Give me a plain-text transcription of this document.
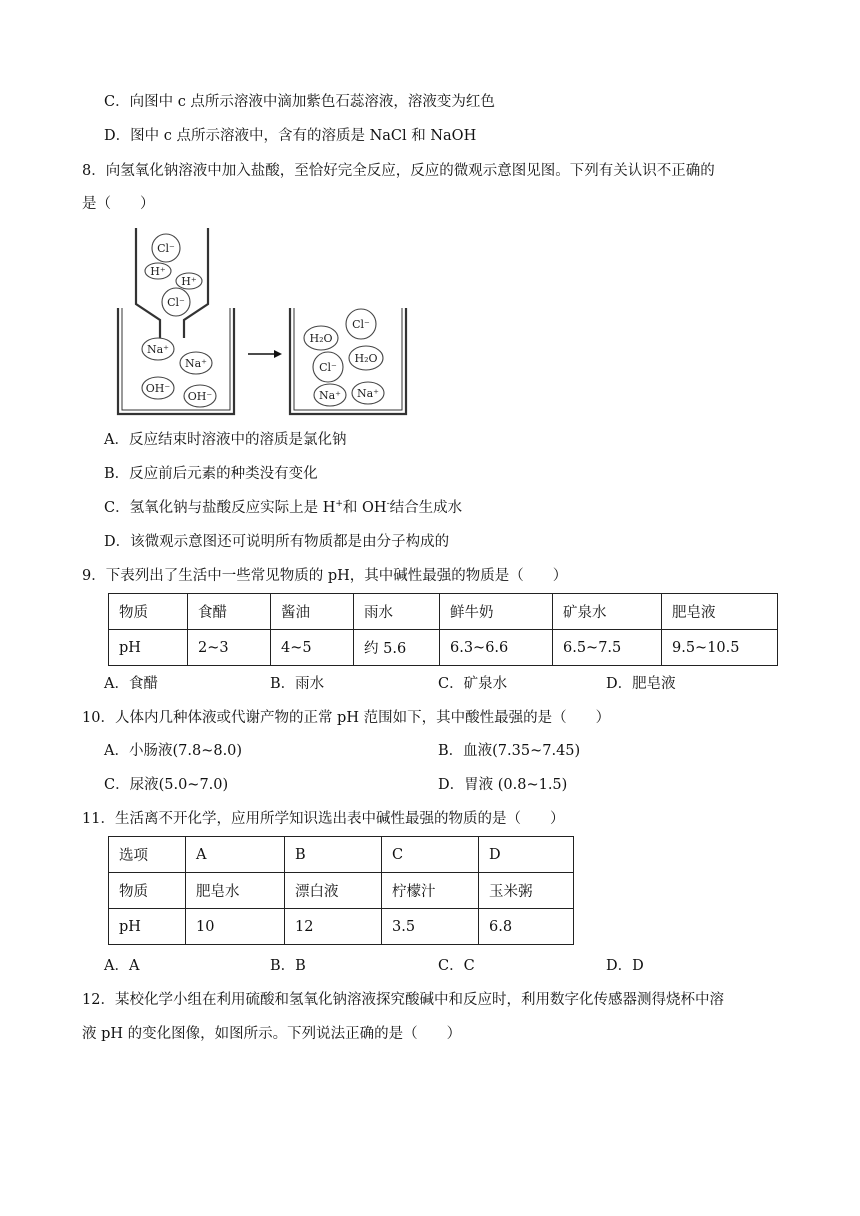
C．向图中 c 点所示溶液中滴加紫色石蕊溶液，溶液变为红色
D．图中 c 点所示溶液中，含有的溶质是 NaCl 和 NaOH
8．向氢氧化钠溶液中加入盐酸，至恰好完全反应，反应的微观示意图见图。下列有关认识不正确的
是（　　）
Cl⁻
H⁺
H⁺
Cl⁻
Na⁺
Na⁺
OH⁻
OH⁻
H₂O
Cl⁻
H₂O
Cl⁻
Na⁺ Na⁺
A．反应结束时溶液中的溶质是氯化钠
B．反应前后元素的种类没有变化
C．氢氧化钠与盐酸反应实际上是 H+和 OH-结合生成水
D．该微观示意图还可说明所有物质都是由分子构成的
9．下表列出了生活中一些常见物质的 pH，其中碱性最强的物质是（　　）
物质	食醋	酱油	雨水	鲜牛奶	矿泉水	肥皂液
pH	2~3	4~5	约 5.6	6.3~6.6	6.5~7.5	9.5~10.5
A．食醋	B．雨水	C．矿泉水	D．肥皂液
10．人体内几种体液或代谢产物的正常 pH 范围如下，其中酸性最强的是（　　）
A．小肠液(7.8~8.0)	B．血液(7.35~7.45)
C．尿液(5.0~7.0)	D．胃液 (0.8~1.5)
11．生活离不开化学，应用所学知识选出表中碱性最强的物质的是（　　）
选项	A	B	C	D
物质	肥皂水	漂白液	柠檬汁	玉米粥
pH	10	12	3.5	6.8
A．A	B．B	C．C	D．D
12．某校化学小组在利用硫酸和氢氧化钠溶液探究酸碱中和反应时，利用数字化传感器测得烧杯中溶
液 pH 的变化图像，如图所示。下列说法正确的是（　　）
